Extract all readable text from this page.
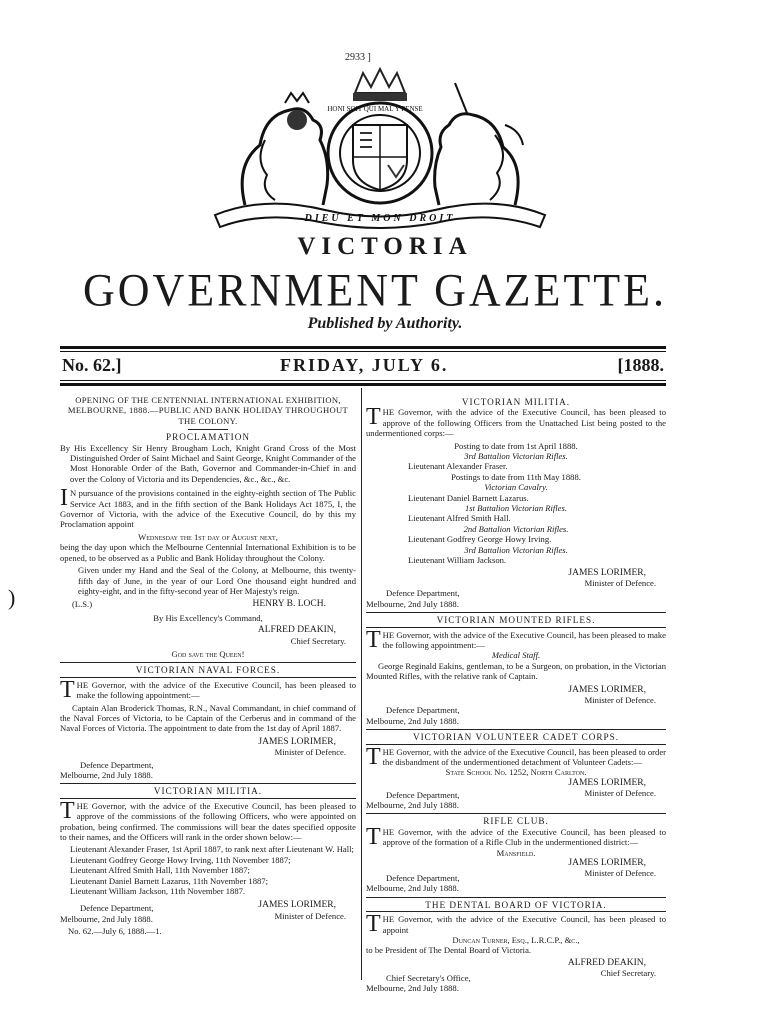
2933 ]
HONI SOIT QUI MAL Y PENSE
DIEU ET MON DROIT
VICTORIA
GOVERNMENT GAZETTE.
Published by Authority.
No. 62.]	FRIDAY, JULY 6.	[1888.
)

OPENING OF THE CENTENNIAL INTERNATIONAL EXHIBITION, MELBOURNE, 1888.—PUBLIC AND BANK HOLIDAY THROUGHOUT THE COLONY.

PROCLAMATION

By His Excellency Sir Henry Brougham Loch, Knight Grand Cross of the Most Distinguished Order of Saint Michael and Saint George, Knight Commander of the Most Honorable Order of the Bath, Governor and Commander-in-Chief in and over the Colony of Victoria and its Dependencies, &c., &c., &c.

IN pursuance of the provisions contained in the eighty-eighth section of The Public Service Act 1883, and in the fifth section of the Bank Holidays Act 1875, I, the Governor of Victoria, with the advice of the Executive Council, do by this my Proclamation appoint

Wednesday the 1st day of August next,

being the day upon which the Melbourne Centennial International Exhibition is to be opened, to be observed as a Public and Bank Holiday throughout the Colony.

Given under my Hand and the Seal of the Colony, at Melbourne, this twenty-fifth day of June, in the year of our Lord One thousand eight hundred and eighty-eight, and in the fifty-second year of Her Majesty's reign.

(L.S.)	HENRY B. LOCH.

By His Excellency's Command,

ALFRED DEAKIN,

Chief Secretary.

God save the Queen!

VICTORIAN NAVAL FORCES.

THE Governor, with the advice of the Executive Council, has been pleased to make the following appointment:—

Captain Alan Broderick Thomas, R.N., Naval Commandant, in chief command of the Naval Forces of Victoria, to be Captain of the Cerberus and in command of the Naval Forces of Victoria. The appointment to date from the 1st day of April 1887.

JAMES LORIMER,

Minister of Defence.

Defence Department,

Melbourne, 2nd July 1888.

VICTORIAN MILITIA.

THE Governor, with the advice of the Executive Council, has been pleased to approve of the commissions of the following Officers, who were appointed on probation, being confirmed. The commissions will bear the dates specified opposite to their names, and the Officers will rank in the order shown below:—

Lieutenant Alexander Fraser, 1st April 1887, to rank next after Lieutenant W. Hall;

Lieutenant Godfrey George Howy Irving, 11th November 1887;

Lieutenant Alfred Smith Hall, 11th November 1887;

Lieutenant Daniel Barnett Lazarus, 11th November 1887;

Lieutenant William Jackson, 11th November 1887.

JAMES LORIMER,

Minister of Defence.

Defence Department,

Melbourne, 2nd July 1888.

No. 62.—July 6, 1888.—1.

VICTORIAN MILITIA.

THE Governor, with the advice of the Executive Council, has been pleased to approve of the following Officers from the Unattached List being posted to the undermentioned corps:—

Posting to date from 1st April 1888.

3rd Battalion Victorian Rifles.

Lieutenant Alexander Fraser.

Postings to date from 11th May 1888.

Victorian Cavalry.

Lieutenant Daniel Barnett Lazarus.

1st Battalion Victorian Rifles.

Lieutenant Alfred Smith Hall.

2nd Battalion Victorian Rifles.

Lieutenant Godfrey George Howy Irving.

3rd Battalion Victorian Rifles.

Lieutenant William Jackson.

JAMES LORIMER,

Minister of Defence.

Defence Department,

Melbourne, 2nd July 1888.

VICTORIAN MOUNTED RIFLES.

THE Governor, with the advice of the Executive Council, has been pleased to make the following appointment:—

Medical Staff.

George Reginald Eakins, gentleman, to be a Surgeon, on probation, in the Victorian Mounted Rifles, with the relative rank of Captain.

JAMES LORIMER,

Minister of Defence.

Defence Department,

Melbourne, 2nd July 1888.

VICTORIAN VOLUNTEER CADET CORPS.

THE Governor, with the advice of the Executive Council, has been pleased to order the disbandment of the undermentioned detachment of Volunteer Cadets:—

State School No. 1252, North Carlton.

JAMES LORIMER,

Minister of Defence.

Defence Department,

Melbourne, 2nd July 1888.

RIFLE CLUB.

THE Governor, with the advice of the Executive Council, has been pleased to approve of the formation of a Rifle Club in the undermentioned district:—

Mansfield.

JAMES LORIMER,

Minister of Defence.

Defence Department,

Melbourne, 2nd July 1888.

THE DENTAL BOARD OF VICTORIA.

THE Governor, with the advice of the Executive Council, has been pleased to appoint

Duncan Turner, Esq., L.R.C.P., &c.,

to be President of The Dental Board of Victoria.

ALFRED DEAKIN,

Chief Secretary.

Chief Secretary's Office,

Melbourne, 2nd July 1888.
